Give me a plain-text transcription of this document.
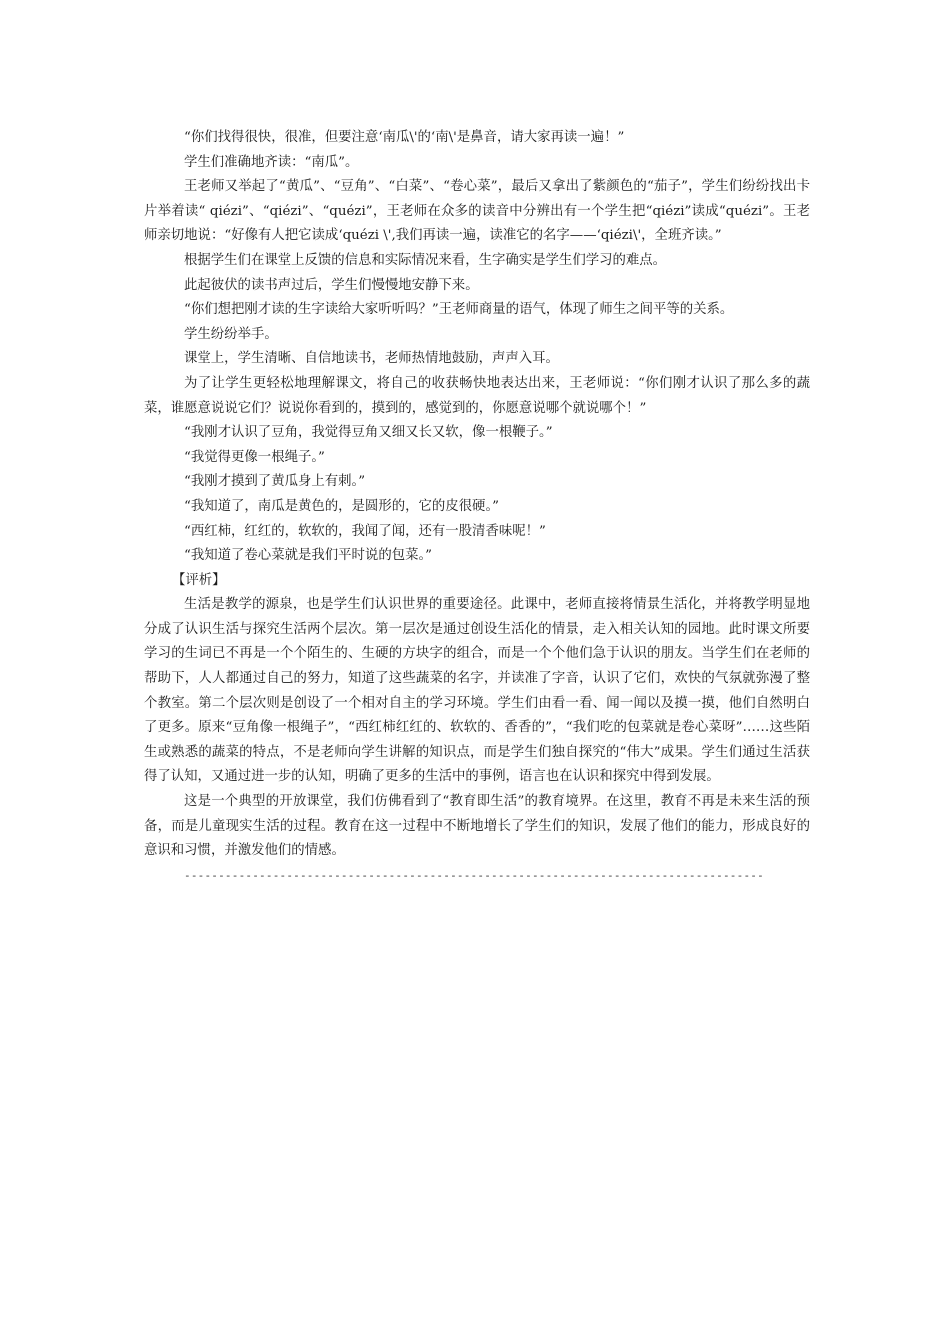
“你们找得很快，很准，但要注意‘南瓜\'的‘南\'是鼻音，请大家再读一遍！”

学生们准确地齐读：“南瓜”。

王老师又举起了“黄瓜”、“豆角”、“白菜”、“卷心菜”，最后又拿出了紫颜色的“茄子”，学生们纷纷找出卡片举着读“ qiézi”、“qiézi”、“quézi”，王老师在众多的读音中分辨出有一个学生把“qiézi”读成“quézi”。王老师亲切地说：“好像有人把它读成‘quézi \',我们再读一遍，读准它的名字——‘qiézi\'，全班齐读。”

根据学生们在课堂上反馈的信息和实际情况来看，生字确实是学生们学习的难点。

此起彼伏的读书声过后，学生们慢慢地安静下来。

“你们想把刚才读的生字读给大家听听吗？”王老师商量的语气，体现了师生之间平等的关系。

学生纷纷举手。

课堂上，学生清晰、自信地读书，老师热情地鼓励，声声入耳。

为了让学生更轻松地理解课文，将自己的收获畅快地表达出来，王老师说：“你们刚才认识了那么多的蔬菜，谁愿意说说它们？说说你看到的，摸到的，感觉到的，你愿意说哪个就说哪个！”

“我刚才认识了豆角，我觉得豆角又细又长又软，像一根鞭子。”

“我觉得更像一根绳子。”

“我刚才摸到了黄瓜身上有刺。”

“我知道了，南瓜是黄色的，是圆形的，它的皮很硬。”

“西红柿，红红的，软软的，我闻了闻，还有一股清香味呢！”

“我知道了卷心菜就是我们平时说的包菜。”

【评析】

生活是教学的源泉，也是学生们认识世界的重要途径。此课中，老师直接将情景生活化，并将教学明显地分成了认识生活与探究生活两个层次。第一层次是通过创设生活化的情景，走入相关认知的园地。此时课文所要学习的生词已不再是一个个陌生的、生硬的方块字的组合，而是一个个他们急于认识的朋友。当学生们在老师的帮助下，人人都通过自己的努力，知道了这些蔬菜的名字，并读准了字音，认识了它们，欢快的气氛就弥漫了整个教室。第二个层次则是创设了一个相对自主的学习环境。学生们由看一看、闻一闻以及摸一摸，他们自然明白了更多。原来“豆角像一根绳子”，“西红柿红红的、软软的、香香的”，“我们吃的包菜就是卷心菜呀”……这些陌生或熟悉的蔬菜的特点，不是老师向学生讲解的知识点，而是学生们独自探究的“伟大”成果。学生们通过生活获得了认知，又通过进一步的认知，明确了更多的生活中的事例，语言也在认识和探究中得到发展。

这是一个典型的开放课堂，我们仿佛看到了“教育即生活”的教育境界。在这里，教育不再是未来生活的预备，而是儿童现实生活的过程。教育在这一过程中不断地增长了学生们的知识，发展了他们的能力，形成良好的意识和习惯，并激发他们的情感。

-------------------------------------------------------------------------------------
